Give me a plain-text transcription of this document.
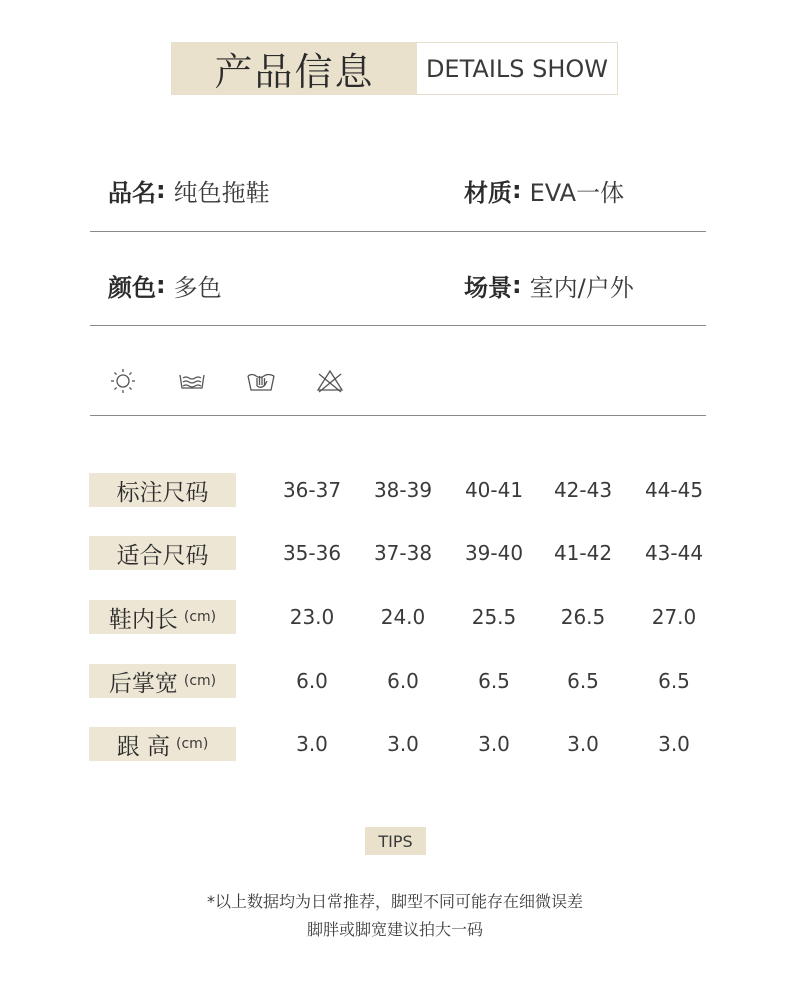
产品信息	DETAILS SHOW
品名 : 纯色拖鞋	材质 : EVA一体
颜色 : 多色	场景 : 室内/户外
标注尺码	36-37	38-39	40-41	42-43	44-45
适合尺码	35-36	37-38	39-40	41-42	43-44
鞋内长 (cm)	23.0	24.0	25.5	26.5	27.0
后掌宽 (cm)	6.0	6.0	6.5	6.5	6.5
跟 高 (cm)	3.0	3.0	3.0	3.0	3.0
TIPS
*以上数据均为日常推荐，脚型不同可能存在细微误差
脚胖或脚宽建议拍大一码
